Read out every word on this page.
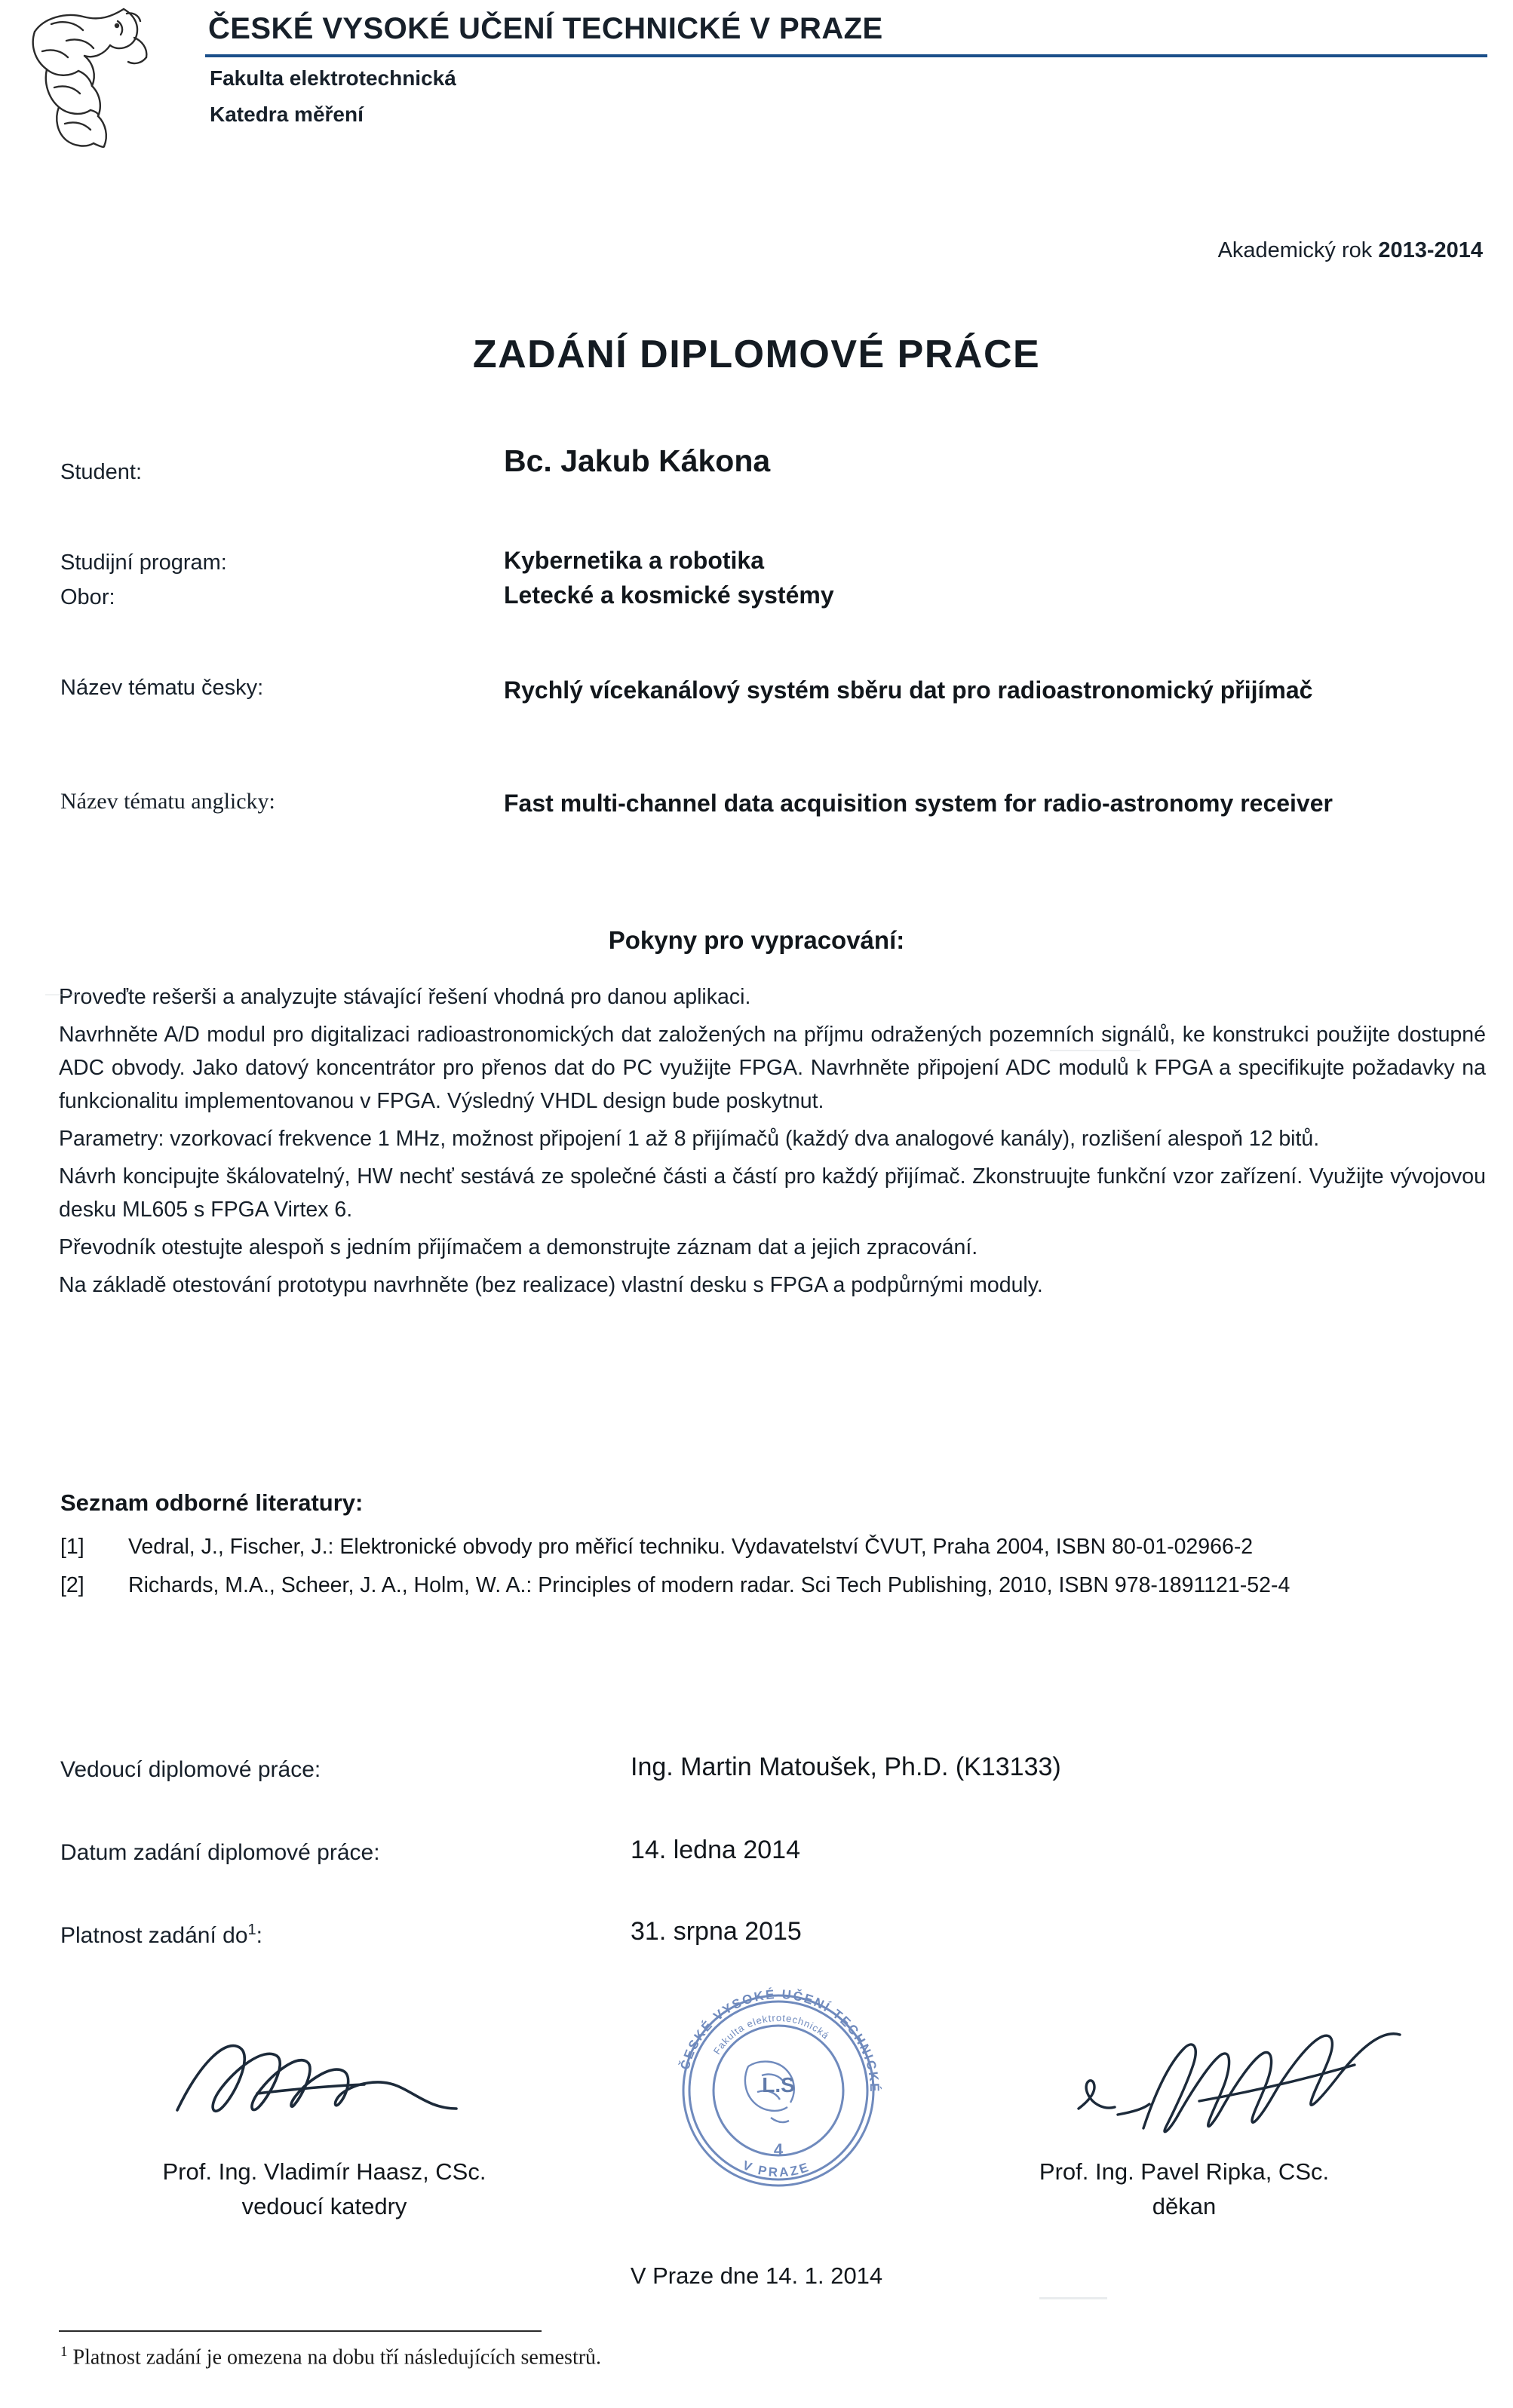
ČESKÉ VYSOKÉ UČENÍ TECHNICKÉ V PRAZE
Fakulta elektrotechnická
Katedra měření
Akademický rok 2013-2014
ZADÁNÍ DIPLOMOVÉ PRÁCE
Student:	Bc. Jakub Kákona
Studijní program:	Kybernetika a robotika
Obor:	Letecké a kosmické systémy
Název tématu česky:	Rychlý vícekanálový systém sběru dat pro radioastronomický přijímač
Název tématu anglicky:	Fast multi-channel data acquisition system for radio-astronomy receiver
Pokyny pro vypracování:

Proveďte rešerši a analyzujte stávající řešení vhodná pro danou aplikaci.

Navrhněte A/D modul pro digitalizaci radioastronomických dat založených na příjmu odražených pozemních signálů, ke konstrukci použijte dostupné ADC obvody. Jako datový koncentrátor pro přenos dat do PC využijte FPGA. Navrhněte připojení ADC modulů k FPGA a specifikujte požadavky na funkcionalitu implementovanou v FPGA. Výsledný VHDL design bude poskytnut.

Parametry: vzorkovací frekvence 1 MHz, možnost připojení 1 až 8 přijímačů (každý dva analogové kanály), rozlišení alespoň 12 bitů.

Návrh koncipujte škálovatelný, HW nechť sestává ze společné části a částí pro každý přijímač. Zkonstruujte funkční vzor zařízení. Využijte vývojovou desku ML605 s FPGA Virtex 6.

Převodník otestujte alespoň s jedním přijímačem a demonstrujte záznam dat a jejich zpracování.

Na základě otestování prototypu navrhněte (bez realizace) vlastní desku s FPGA a podpůrnými moduly.

Seznam odborné literatury:
[1] Vedral, J., Fischer, J.: Elektronické obvody pro měřicí techniku. Vydavatelství ČVUT, Praha 2004, ISBN 80-01-02966-2
[2] Richards, M.A., Scheer, J. A., Holm, W. A.: Principles of modern radar. Sci Tech Publishing, 2010, ISBN 978-1891121-52-4
Vedoucí diplomové práce:	Ing. Martin Matoušek, Ph.D. (K13133)
Datum zadání diplomové práce:	14. ledna 2014
Platnost zadání $do^1$:	31. srpna 2015
ČESKÉ VYSOKÉ UČENÍ TECHNICKÉ
V PRAZE
Fakulta elektrotechnická
L.S
4
Prof. Ing. Vladimír Haasz, CSc.
vedoucí katedry
Prof. Ing. Pavel Ripka, CSc.
děkan
V Praze dne 14. 1. 2014
$^1$ Platnost zadání je omezena na dobu tří následujících semestrů.
